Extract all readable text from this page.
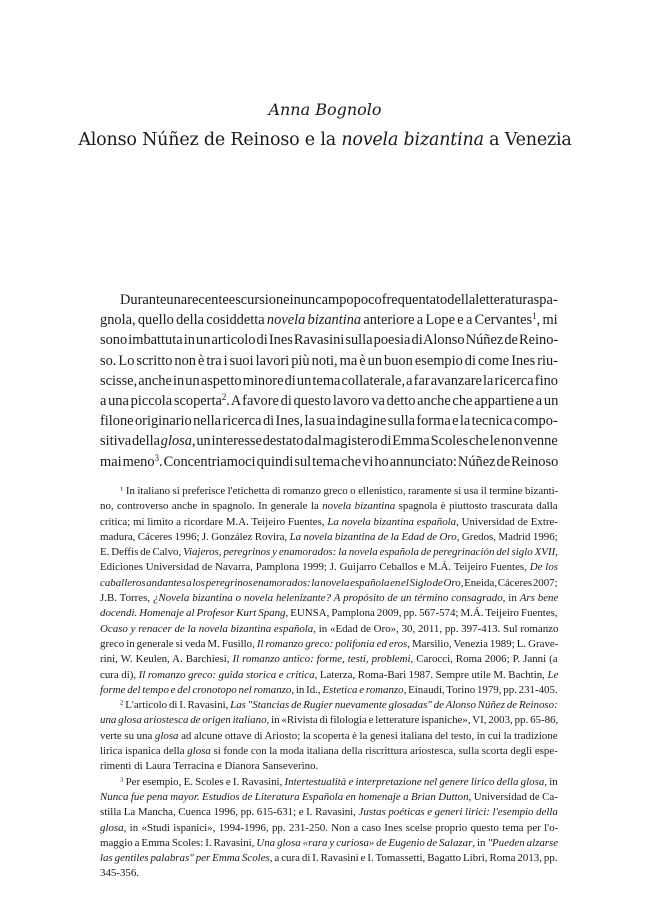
Anna Bognolo
Alonso Núñez de Reinoso e la novela bizantina a Venezia
Durante una recente escursione in un campo poco frequentato della letteratura spa-
gnola, quello della cosiddetta novela bizantina anteriore a Lope e a Cervantes$^1$, mi
sono imbattuta in un articolo di Ines Ravasini sulla poesia di Alonso Núñez de Reino-
so. Lo scritto non è tra i suoi lavori più noti, ma è un buon esempio di come Ines riu-
scisse, anche in un aspetto minore di un tema collaterale, a far avanzare la ricerca fino
a una piccola scoperta$^2$. A favore di questo lavoro va detto anche che appartiene a un
filone originario nella ricerca di Ines, la sua indagine sulla forma e la tecnica compo-
sitiva della glosa, un interesse destato dal magistero di Emma Scoles che le non venne
mai meno$^3$. Concentriamoci quindi sul tema che vi ho annunciato: Núñez de Reinoso
$^1$ In italiano si preferisce l'etichetta di romanzo greco o ellenistico, raramente si usa il termine bizanti-
no, controverso anche in spagnolo. In generale la novela bizantina spagnola è piuttosto trascurata dalla
critica; mi limito a ricordare M.A. Teijeiro Fuentes, La novela bizantina española, Universidad de Extre-
madura, Cáceres 1996; J. González Rovira, La novela bizantina de la Edad de Oro, Gredos, Madrid 1996;
E. Deffis de Calvo, Viajeros, peregrinos y enamorados: la novela española de peregrinación del siglo XVII,
Ediciones Universidad de Navarra, Pamplona 1999; J. Guijarro Ceballos e M.Á. Teijeiro Fuentes, De los
caballeros andantes a los peregrinos enamorados: la novela española en el Siglo de Oro, Eneida, Cáceres 2007;
J.B. Torres, ¿Novela bizantina o novela helenizante? A propósito de un término consagrado, in Ars bene
docendi. Homenaje al Profesor Kurt Spang, EUNSA, Pamplona 2009, pp. 567-574; M.Á. Teijeiro Fuentes,
Ocaso y renacer de la novela bizantina española, in «Edad de Oro», 30, 2011, pp. 397-413. Sul romanzo
greco in generale si veda M. Fusillo, Il romanzo greco: polifonia ed eros, Marsilio, Venezia 1989; L. Grave-
rini, W. Keulen, A. Barchiesi, Il romanzo antico: forme, testi, problemi, Carocci, Roma 2006; P. Janni (a
cura di), Il romanzo greco: guida storica e critica, Laterza, Roma-Bari 1987. Sempre utile M. Bachtin, Le
forme del tempo e del cronotopo nel romanzo, in Id., Estetica e romanzo, Einaudi, Torino 1979, pp. 231-405.
$^2$ L'articolo di I. Ravasini, Las "Stancias de Rugier nuevamente glosadas" de Alonso Núñez de Reinoso:
una glosa ariostesca de origen italiano, in «Rivista di filologia e letterature ispaniche», VI, 2003, pp. 65-86,
verte su una glosa ad alcune ottave di Ariosto; la scoperta è la genesi italiana del testo, in cui la tradizione
lirica ispanica della glosa si fonde con la moda italiana della riscrittura ariostesca, sulla scorta degli espe-
rimenti di Laura Terracina e Dianora Sanseverino.
$^3$ Per esempio, E. Scoles e I. Ravasini, Intertestualità e interpretazione nel genere lirico della glosa, in
Nunca fue pena mayor. Estudios de Literatura Española en homenaje a Brian Dutton, Universidad de Ca-
stilla La Mancha, Cuenca 1996, pp. 615-631; e I. Ravasini, Justas poéticas e generi lirici: l'esempio della
glosa, in «Studi ispanici», 1994-1996, pp. 231-250. Non a caso Ines scelse proprio questo tema per l'o-
maggio a Emma Scoles: I. Ravasini, Una glosa «rara y curiosa» de Eugenio de Salazar, in "Pueden alzarse
las gentiles palabras" per Emma Scoles, a cura di I. Ravasini e I. Tomassetti, Bagatto Libri, Roma 2013, pp.
345-356.
